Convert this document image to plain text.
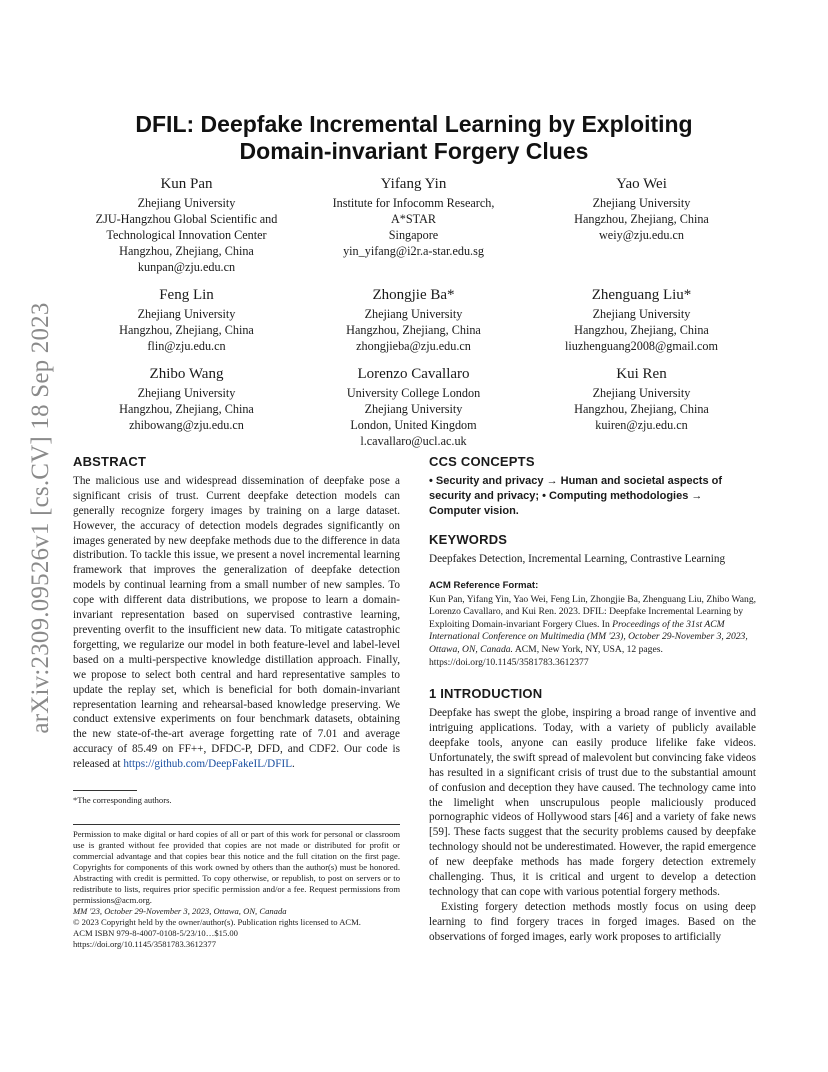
arXiv:2309.09526v1 [cs.CV] 18 Sep 2023
DFIL: Deepfake Incremental Learning by Exploiting
Domain-invariant Forgery Clues
Kun Pan
Zhejiang University
ZJU-Hangzhou Global Scientific and
Technological Innovation Center
Hangzhou, Zhejiang, China
kunpan@zju.edu.cn
Yifang Yin
Institute for Infocomm Research,
A*STAR
Singapore
yin_yifang@i2r.a-star.edu.sg
Yao Wei
Zhejiang University
Hangzhou, Zhejiang, China
weiy@zju.edu.cn
Feng Lin
Zhejiang University
Hangzhou, Zhejiang, China
flin@zju.edu.cn
Zhongjie Ba*
Zhejiang University
Hangzhou, Zhejiang, China
zhongjieba@zju.edu.cn
Zhenguang Liu*
Zhejiang University
Hangzhou, Zhejiang, China
liuzhenguang2008@gmail.com
Zhibo Wang
Zhejiang University
Hangzhou, Zhejiang, China
zhibowang@zju.edu.cn
Lorenzo Cavallaro
University College London
Zhejiang University
London, United Kingdom
l.cavallaro@ucl.ac.uk
Kui Ren
Zhejiang University
Hangzhou, Zhejiang, China
kuiren@zju.edu.cn
ABSTRACT

The malicious use and widespread dissemination of deepfake pose a significant crisis of trust. Current deepfake detection models can generally recognize forgery images by training on a large dataset. However, the accuracy of detection models degrades significantly on images generated by new deepfake methods due to the difference in data distribution. To tackle this issue, we present a novel incremental learning framework that improves the generalization of deepfake detection models by continual learning from a small number of new samples. To cope with different data distributions, we propose to learn a domain-invariant representation based on supervised contrastive learning, preventing overfit to the insufficient new data. To mitigate catastrophic forgetting, we regularize our model in both feature-level and label-level based on a multi-perspective knowledge distillation approach. Finally, we propose to select both central and hard representative samples to update the replay set, which is beneficial for both domain-invariant representation learning and rehearsal-based knowledge preserving. We conduct extensive experiments on four benchmark datasets, obtaining the new state-of-the-art average forgetting rate of 7.01 and average accuracy of 85.49 on FF++, DFDC-P, DFD, and CDF2. Our code is released at https://github.com/DeepFakeIL/DFIL.

*The corresponding authors.
Permission to make digital or hard copies of all or part of this work for personal or classroom use is granted without fee provided that copies are not made or distributed for profit or commercial advantage and that copies bear this notice and the full citation on the first page. Copyrights for components of this work owned by others than the author(s) must be honored. Abstracting with credit is permitted. To copy otherwise, or republish, to post on servers or to redistribute to lists, requires prior specific permission and/or a fee. Request permissions from permissions@acm.org.
MM '23, October 29-November 3, 2023, Ottawa, ON, Canada
© 2023 Copyright held by the owner/author(s). Publication rights licensed to ACM.
ACM ISBN 979-8-4007-0108-5/23/10…$15.00
https://doi.org/10.1145/3581783.3612377
CCS CONCEPTS
• Security and privacy → Human and societal aspects of security and privacy; • Computing methodologies → Computer vision.
KEYWORDS
Deepfakes Detection, Incremental Learning, Contrastive Learning
ACM Reference Format:
Kun Pan, Yifang Yin, Yao Wei, Feng Lin, Zhongjie Ba, Zhenguang Liu, Zhibo Wang, Lorenzo Cavallaro, and Kui Ren. 2023. DFIL: Deepfake Incremental Learning by Exploiting Domain-invariant Forgery Clues. In Proceedings of the 31st ACM International Conference on Multimedia (MM '23), October 29-November 3, 2023, Ottawa, ON, Canada. ACM, New York, NY, USA, 12 pages. https://doi.org/10.1145/3581783.3612377
1 INTRODUCTION

Deepfake has swept the globe, inspiring a broad range of inventive and intriguing applications. Today, with a variety of publicly available deepfake tools, anyone can easily produce lifelike fake videos. Unfortunately, the swift spread of malevolent but convincing fake videos has resulted in a significant crisis of trust due to the substantial amount of confusion and deception they have caused. The technology came into the limelight when unscrupulous people maliciously produced pornographic videos of Hollywood stars [46] and a variety of fake news [59]. These facts suggest that the security problems caused by deepfake technology should not be underestimated. However, the rapid emergence of new deepfake methods has made forgery detection extremely challenging. Thus, it is critical and urgent to develop a detection technology that can cope with various potential forgery methods.

Existing forgery detection methods mostly focus on using deep learning to find forgery traces in forged images. Based on the observations of forged images, early work proposes to artificially
